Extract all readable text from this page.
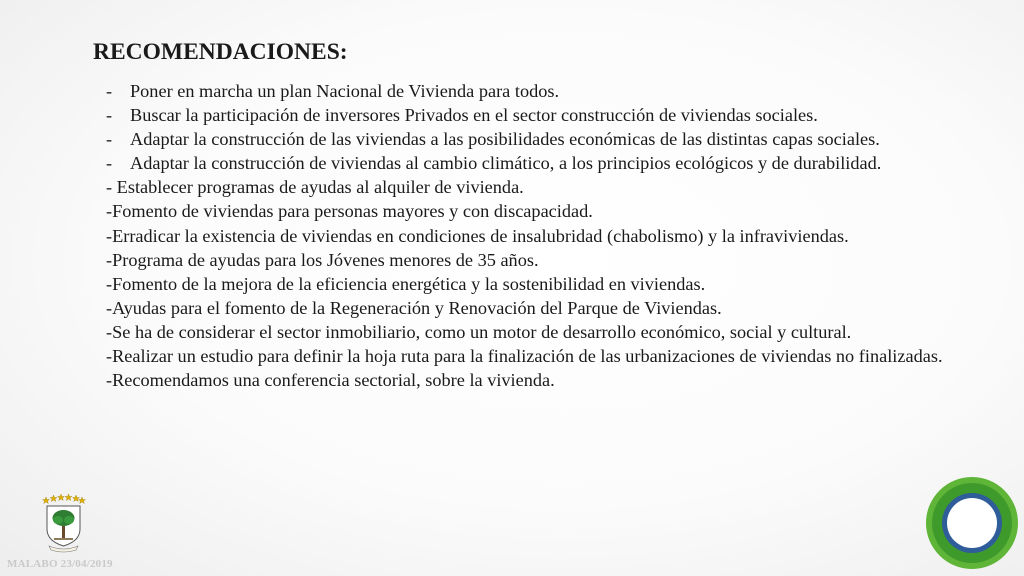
RECOMENDACIONES:
- Poner en marcha un plan Nacional de Vivienda para todos.
- Buscar la participación de inversores Privados en el sector construcción de viviendas sociales.
- Adaptar la construcción de las viviendas a las posibilidades económicas de las distintas capas sociales.
- Adaptar la construcción de viviendas al cambio climático, a los principios ecológicos y de durabilidad.
- Establecer programas de ayudas al alquiler de vivienda.
-Fomento de viviendas para personas mayores y con discapacidad.
-Erradicar la existencia de viviendas en condiciones de insalubridad (chabolismo) y la infraviviendas.
-Programa de ayudas para los Jóvenes menores de 35 años.
-Fomento de la mejora de la eficiencia energética y la sostenibilidad en viviendas.
-Ayudas para el fomento de la Regeneración y Renovación del Parque de Viviendas.
-Se ha de considerar el sector inmobiliario, como un motor de desarrollo económico, social y cultural.
-Realizar un estudio para definir la hoja ruta para la finalización de las urbanizaciones de viviendas no finalizadas.
-Recomendamos una conferencia sectorial, sobre la vivienda.
MALABO 23/04/2019
